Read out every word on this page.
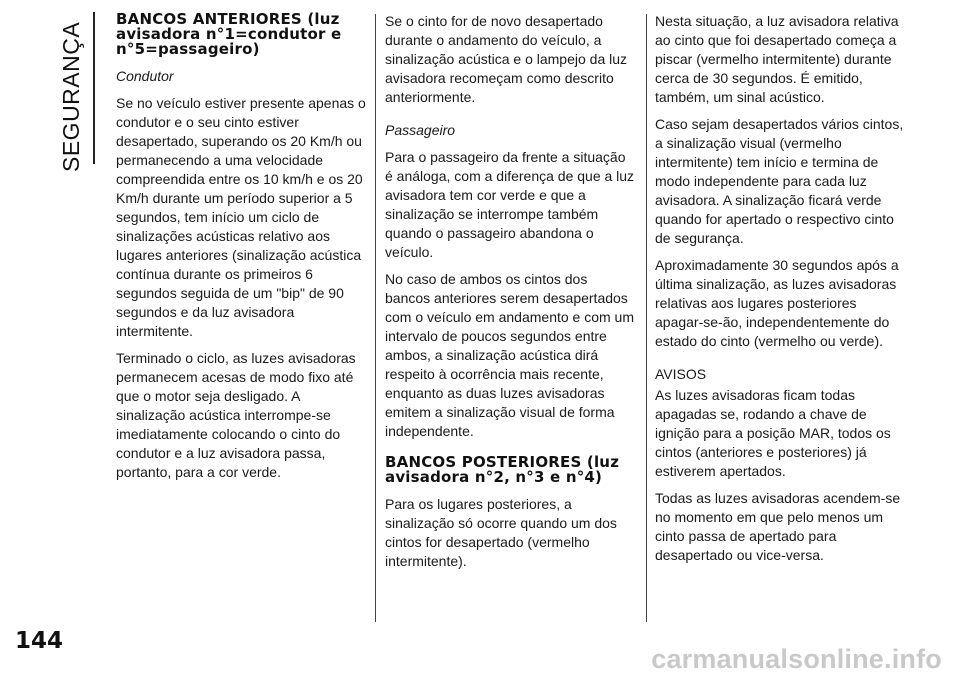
SEGURANÇA
BANCOS ANTERIORES (luz avisadora n°1=condutor e n°5=passageiro)

Condutor

Se no veículo estiver presente apenas o condutor e o seu cinto estiver desapertado, superando os 20 Km/h ou permanecendo a uma velocidade compreendida entre os 10 km/h e os 20 Km/h durante um período superior a 5 segundos, tem início um ciclo de sinalizações acústicas relativo aos lugares anteriores (sinalização acústica contínua durante os primeiros 6 segundos seguida de um "bip" de 90 segundos e da luz avisadora intermitente.

Terminado o ciclo, as luzes avisadoras permanecem acesas de modo fixo até que o motor seja desligado. A sinalização acústica interrompe-se imediatamente colocando o cinto do condutor e a luz avisadora passa, portanto, para a cor verde.

Se o cinto for de novo desapertado durante o andamento do veículo, a sinalização acústica e o lampejo da luz avisadora recomeçam como descrito anteriormente.

Passageiro

Para o passageiro da frente a situação é análoga, com a diferença de que a luz avisadora tem cor verde e que a sinalização se interrompe também quando o passageiro abandona o veículo.

No caso de ambos os cintos dos bancos anteriores serem desapertados com o veículo em andamento e com um intervalo de poucos segundos entre ambos, a sinalização acústica dirá respeito à ocorrência mais recente, enquanto as duas luzes avisadoras emitem a sinalização visual de forma independente.

BANCOS POSTERIORES (luz avisadora n°2, n°3 e n°4)

Para os lugares posteriores, a sinalização só ocorre quando um dos cintos for desapertado (vermelho intermitente).

Nesta situação, a luz avisadora relativa ao cinto que foi desapertado começa a piscar (vermelho intermitente) durante cerca de 30 segundos. É emitido, também, um sinal acústico.

Caso sejam desapertados vários cintos, a sinalização visual (vermelho intermitente) tem início e termina de modo independente para cada luz avisadora. A sinalização ficará verde quando for apertado o respectivo cinto de segurança.

Aproximadamente 30 segundos após a última sinalização, as luzes avisadoras relativas aos lugares posteriores apagar-se-ão, independentemente do estado do cinto (vermelho ou verde).

AVISOS

As luzes avisadoras ficam todas apagadas se, rodando a chave de ignição para a posição MAR, todos os cintos (anteriores e posteriores) já estiverem apertados.

Todas as luzes avisadoras acendem-se no momento em que pelo menos um cinto passa de apertado para desapertado ou vice-versa.

144
carmanualsonline.info
